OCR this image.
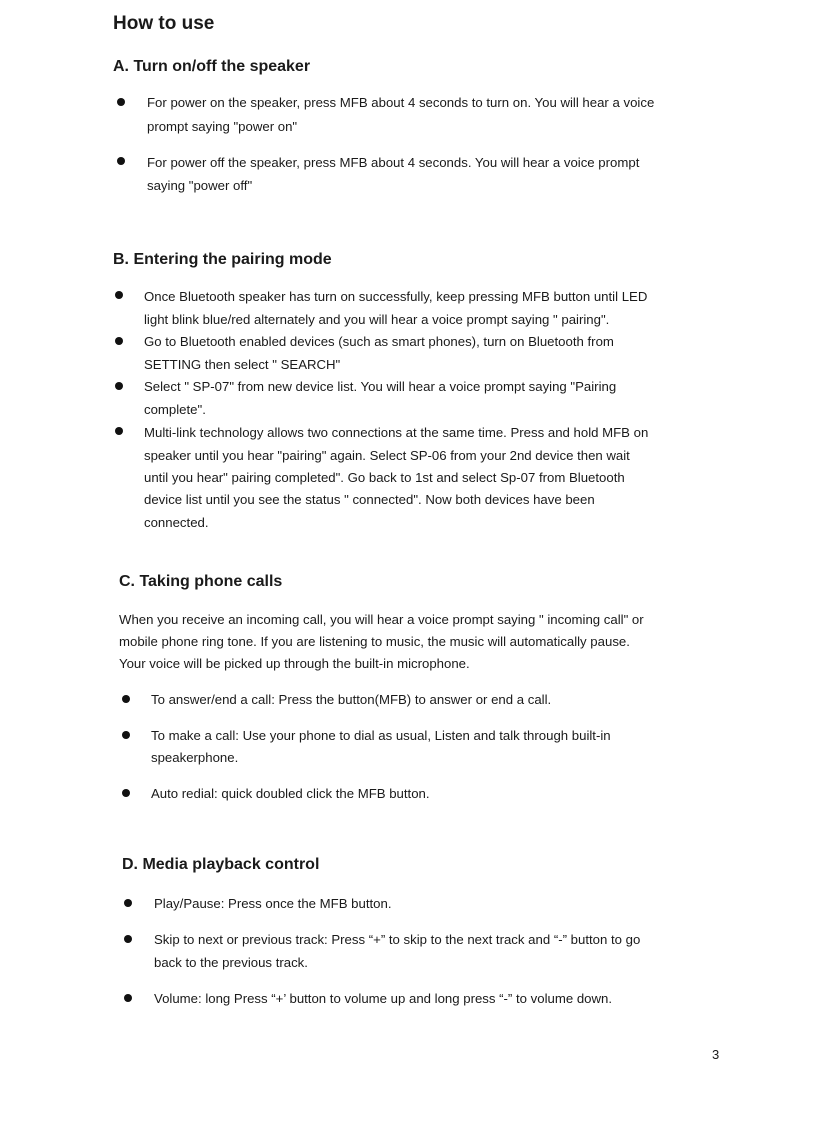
How to use
A. Turn on/off the speaker
For power on the speaker, press MFB about 4 seconds to turn on. You will hear a voice
prompt saying "power on"
For power off the speaker, press MFB about 4 seconds. You will hear a voice prompt
saying "power off"
B. Entering the pairing mode
Once Bluetooth speaker has turn on successfully, keep pressing MFB button until LED
light blink blue/red alternately and you will hear a voice prompt saying " pairing".
Go to Bluetooth enabled devices (such as smart phones), turn on Bluetooth from
SETTING then select " SEARCH"
Select " SP-07" from new device list. You will hear a voice prompt saying "Pairing
complete".
Multi-link technology allows two connections at the same time. Press and hold MFB on
speaker until you hear "pairing" again. Select SP-06 from your 2nd device then wait
until you hear" pairing completed". Go back to 1st and select Sp-07 from Bluetooth
device list until you see the status " connected". Now both devices have been
connected.
C. Taking phone calls
When you receive an incoming call, you will hear a voice prompt saying " incoming call" or
mobile phone ring tone. If you are listening to music, the music will automatically pause.
Your voice will be picked up through the built-in microphone.
To answer/end a call: Press the button(MFB) to answer or end a call.
To make a call: Use your phone to dial as usual, Listen and talk through built-in
speakerphone.
Auto redial: quick doubled click the MFB button.
D. Media playback control
Play/Pause: Press once the MFB button.
Skip to next or previous track: Press “+” to skip to the next track and “-” button to go
back to the previous track.
Volume: long Press “+’ button to volume up and long press “-” to volume down.
3
